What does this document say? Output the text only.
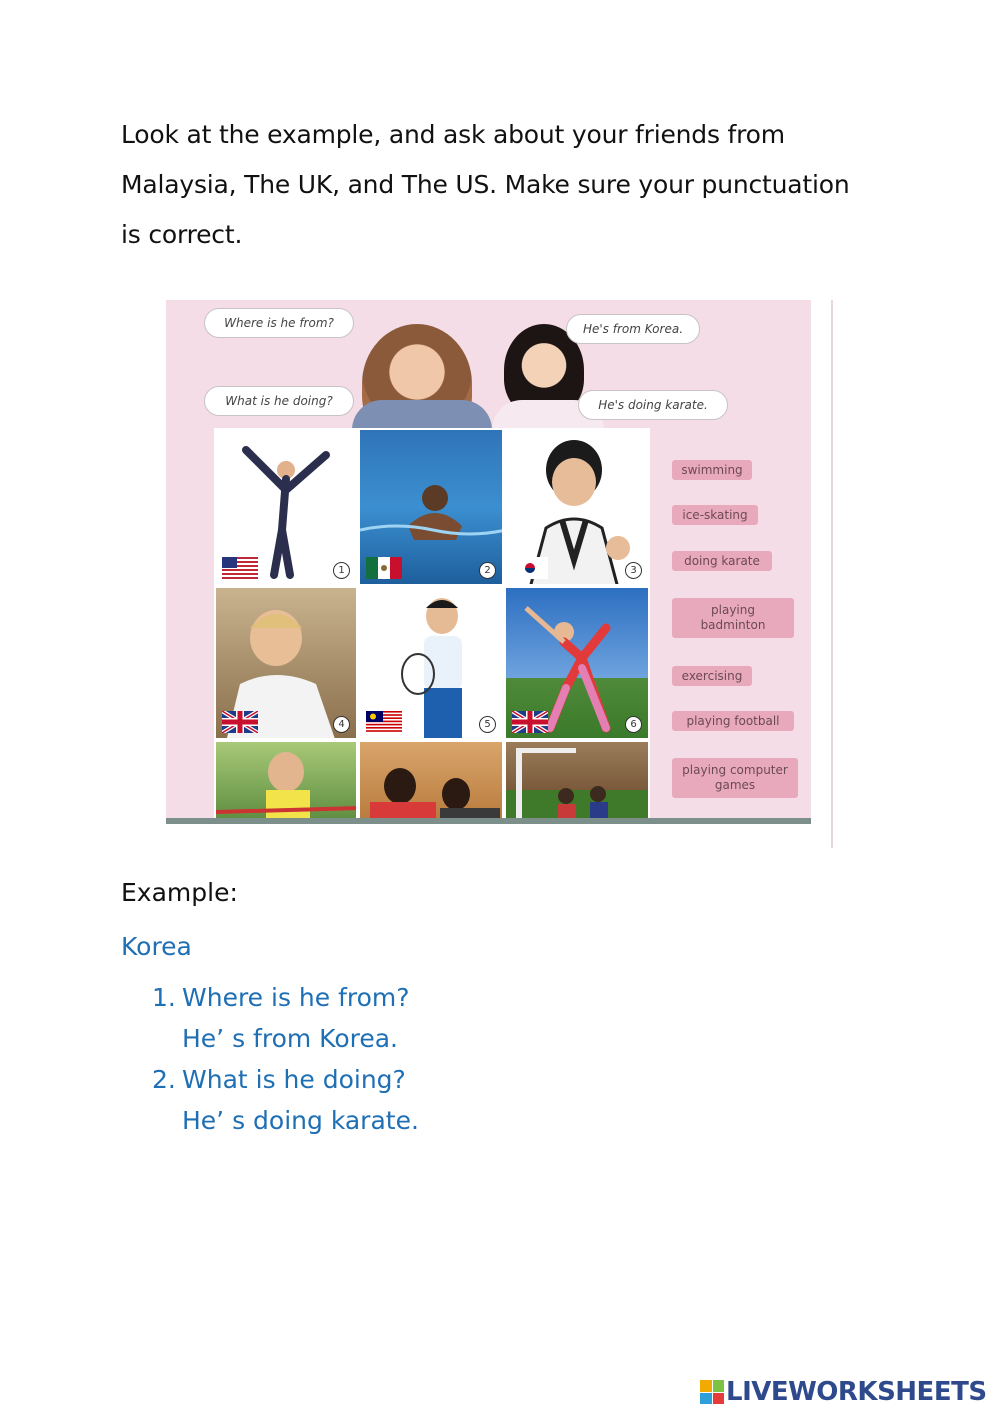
Look at the example, and ask about your friends from
Malaysia, The UK, and The US. Make sure your punctuation
is correct.
Where is he from?	He's from Korea.
What is he doing?	He's doing karate.
1	2	3
4	5	6
swimming
ice-skating
doing karate
playing badminton
exercising
playing football
playing computer games
Example:
Korea
1. Where is he from?
He’ s from Korea.
2. What is he doing?
He’ s doing karate.
LIVEWORKSHEETS
